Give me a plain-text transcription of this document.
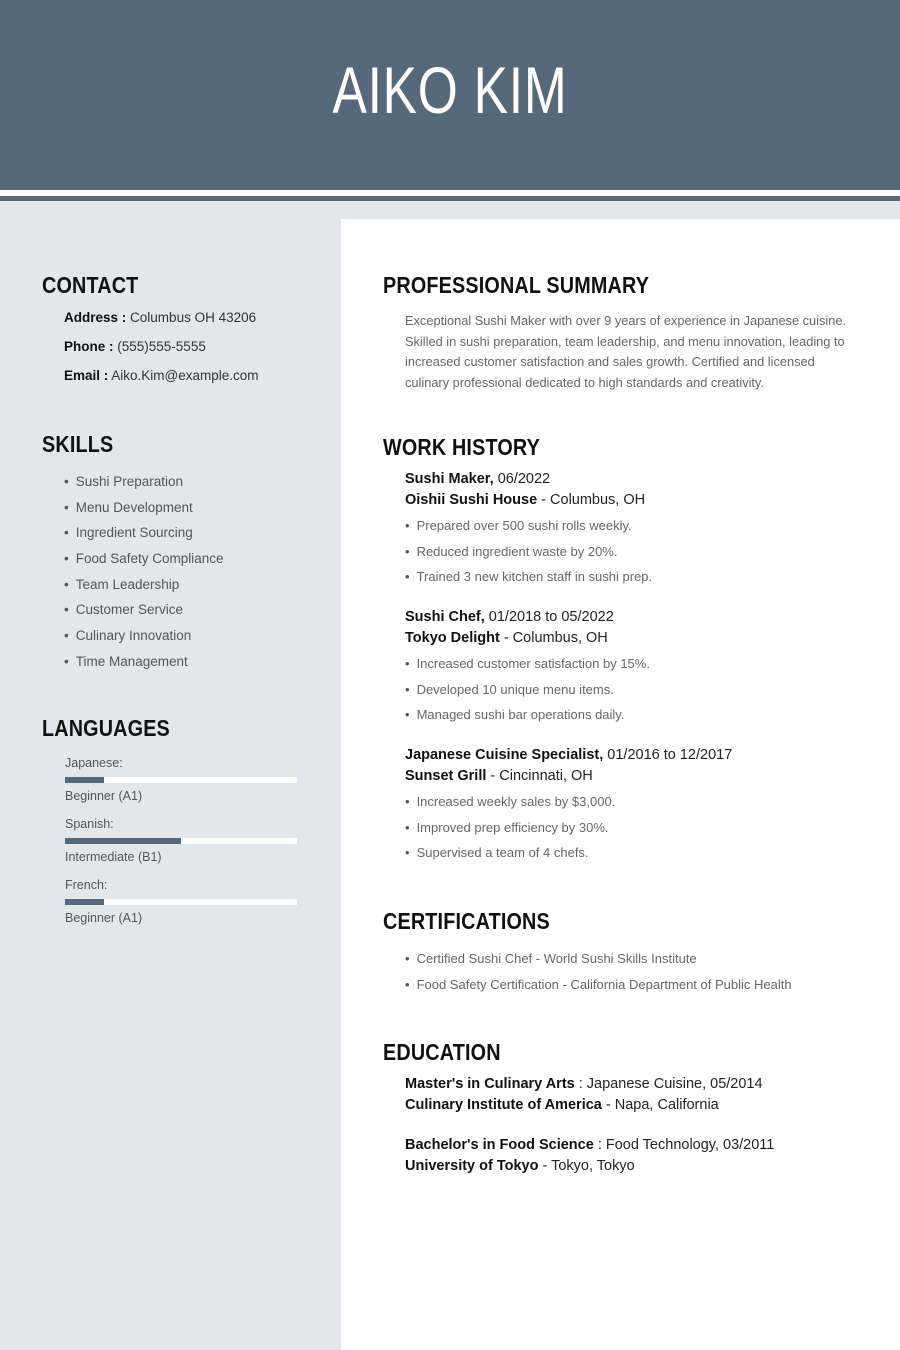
AIKO KIM
CONTACT
Address : Columbus OH 43206
Phone : (555)555-5555
Email : Aiko.Kim@example.com
SKILLS
• Sushi Preparation
• Menu Development
• Ingredient Sourcing
• Food Safety Compliance
• Team Leadership
• Customer Service
• Culinary Innovation
• Time Management
LANGUAGES
Japanese:
Beginner (A1)
Spanish:
Intermediate (B1)
French:
Beginner (A1)
PROFESSIONAL SUMMARY
Exceptional Sushi Maker with over 9 years of experience in Japanese cuisine. Skilled in sushi preparation, team leadership, and menu innovation, leading to increased customer satisfaction and sales growth. Certified and licensed culinary professional dedicated to high standards and creativity.
WORK HISTORY
Sushi Maker, 06/2022
Oishii Sushi House - Columbus, OH
• Prepared over 500 sushi rolls weekly.
• Reduced ingredient waste by 20%.
• Trained 3 new kitchen staff in sushi prep.
Sushi Chef, 01/2018 to 05/2022
Tokyo Delight - Columbus, OH
• Increased customer satisfaction by 15%.
• Developed 10 unique menu items.
• Managed sushi bar operations daily.
Japanese Cuisine Specialist, 01/2016 to 12/2017
Sunset Grill - Cincinnati, OH
• Increased weekly sales by $3,000.
• Improved prep efficiency by 30%.
• Supervised a team of 4 chefs.
CERTIFICATIONS
• Certified Sushi Chef - World Sushi Skills Institute
• Food Safety Certification - California Department of Public Health
EDUCATION
Master's in Culinary Arts : Japanese Cuisine, 05/2014
Culinary Institute of America - Napa, California
Bachelor's in Food Science : Food Technology, 03/2011
University of Tokyo - Tokyo, Tokyo
